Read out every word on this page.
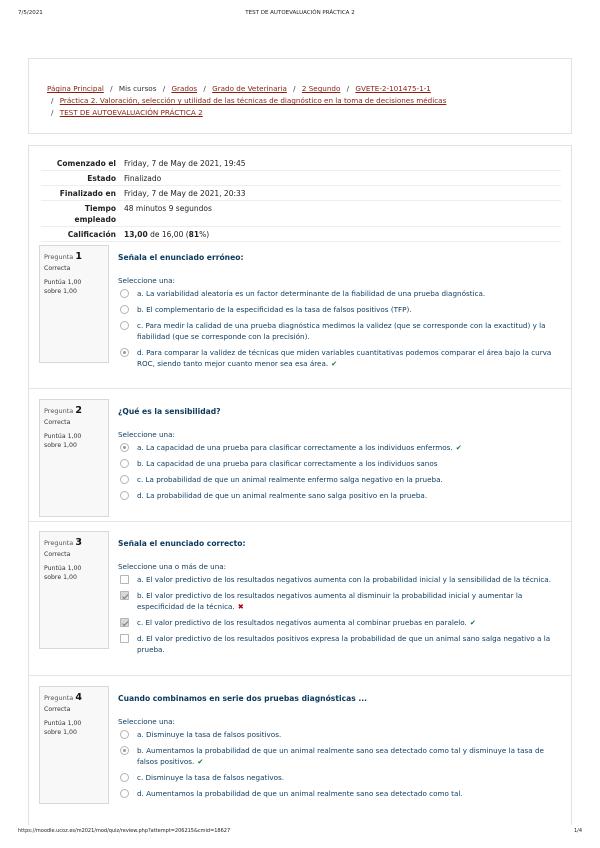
7/5/2021	TEST DE AUTOEVALUACIÓN PRÁCTICA 2
Página Principal / Mis cursos / Grados / Grado de Veterinaria / 2 Segundo / GVETE-2-101475-1-1
/ Práctica 2. Valoración, selección y utilidad de las técnicas de diagnóstico en la toma de decisiones médicas
/ TEST DE AUTOEVALUACIÓN PRÁCTICA 2
Comenzado el	Friday, 7 de May de 2021, 19:45
Estado	Finalizado
Finalizado en	Friday, 7 de May de 2021, 20:33
Tiempo
empleado
48 minutos 9 segundos
Calificación	13,00 de 16,00 (81%)
Pregunta 1
Correcta
Puntúa 1,00
sobre 1,00
Señala el enunciado erróneo:
Seleccione una:
a. La variabilidad aleatoria es un factor determinante de la fiabilidad de una prueba diagnóstica.
b. El complementario de la especificidad es la tasa de falsos positivos (TFP).
c. Para medir la calidad de una prueba diagnóstica medimos la validez (que se corresponde con la exactitud) y la fiabilidad (que se corresponde con la precisión).
d. Para comparar la validez de técnicas que miden variables cuantitativas podemos comparar el área bajo la curva ROC, siendo tanto mejor cuanto menor sea esa área. ✔
Pregunta 2
Correcta
Puntúa 1,00
sobre 1,00
¿Qué es la sensibilidad?
Seleccione una:
a. La capacidad de una prueba para clasificar correctamente a los individuos enfermos. ✔
b. La capacidad de una prueba para clasificar correctamente a los individuos sanos
c. La probabilidad de que un animal realmente enfermo salga negativo en la prueba.
d. La probabilidad de que un animal realmente sano salga positivo en la prueba.
Pregunta 3
Correcta
Puntúa 1,00
sobre 1,00
Señala el enunciado correcto:
Seleccione una o más de una:
a. El valor predictivo de los resultados negativos aumenta con la probabilidad inicial y la sensibilidad de la técnica.
b. El valor predictivo de los resultados negativos aumenta al disminuir la probabilidad inicial y aumentar la especificidad de la técnica. ✖
c. El valor predictivo de los resultados negativos aumenta al combinar pruebas en paralelo. ✔
d. El valor predictivo de los resultados positivos expresa la probabilidad de que un animal sano salga negativo a la prueba.
Pregunta 4
Correcta
Puntúa 1,00
sobre 1,00
Cuando combinamos en serie dos pruebas diagnósticas ...
Seleccione una:
a. Disminuye la tasa de falsos positivos.
b. Aumentamos la probabilidad de que un animal realmente sano sea detectado como tal y disminuye la tasa de falsos positivos. ✔
c. Disminuye la tasa de falsos negativos.
d. Aumentamos la probabilidad de que un animal realmente sano sea detectado como tal.
https://moodle.ucoz.es/m2021/mod/quiz/review.php?attempt=206215&cmid=18627	1/4
